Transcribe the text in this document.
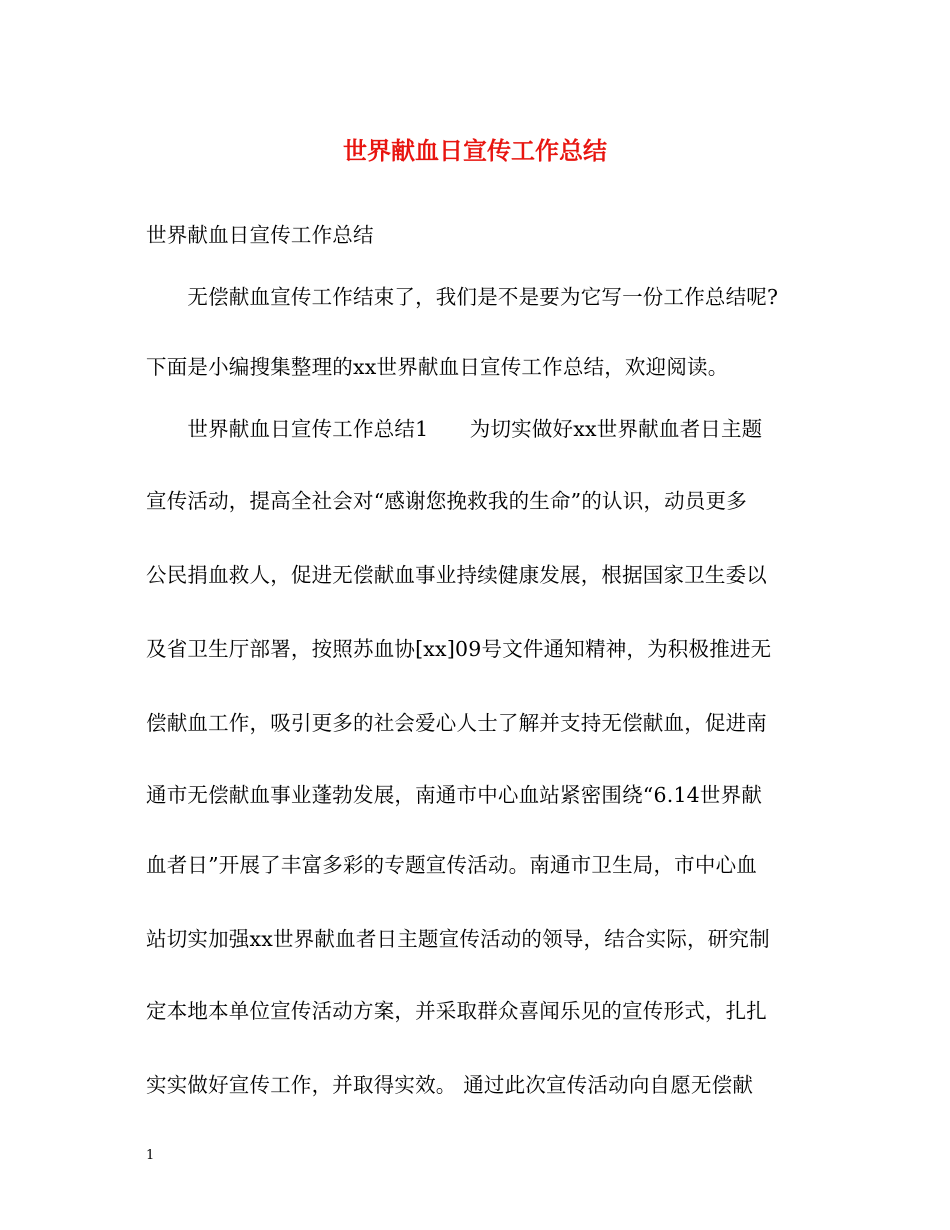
世界献血日宣传工作总结
世界献血日宣传工作总结
　　无偿献血宣传工作结束了，我们是不是要为它写一份工作总结呢?
下面是小编搜集整理的xx世界献血日宣传工作总结，欢迎阅读。
　　世界献血日宣传工作总结1　　为切实做好xx世界献血者日主题
宣传活动，提高全社会对“感谢您挽救我的生命”的认识，动员更多
公民捐血救人，促进无偿献血事业持续健康发展，根据国家卫生委以
及省卫生厅部署，按照苏血协[xx]09号文件通知精神，为积极推进无
偿献血工作，吸引更多的社会爱心人士了解并支持无偿献血，促进南
通市无偿献血事业蓬勃发展，南通市中心血站紧密围绕“6.14世界献
血者日”开展了丰富多彩的专题宣传活动。南通市卫生局，市中心血
站切实加强xx世界献血者日主题宣传活动的领导，结合实际，研究制
定本地本单位宣传活动方案，并采取群众喜闻乐见的宣传形式，扎扎
实实做好宣传工作，并取得实效。 通过此次宣传活动向自愿无偿献
1
